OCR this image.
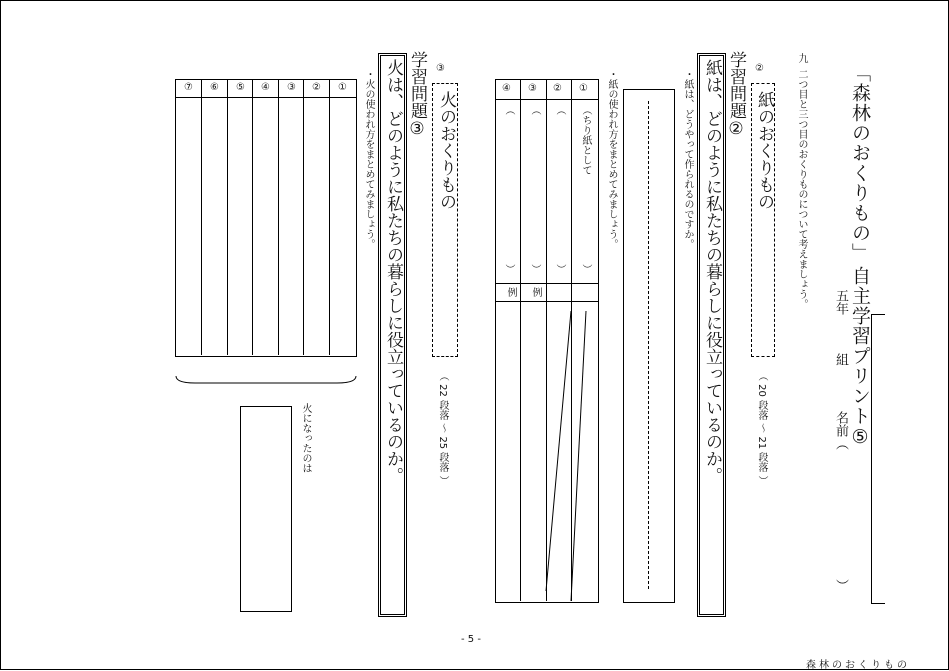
「森林のおくりもの」
自主学習プリント⑤
五年
組
名前（
）
九
二つ目と三つ目のおくりものについて考えましょう。
②
紙のおくりもの
（ 20 段落 ～ 21 段落 ）
学習問題②
紙は、どのように私たちの暮らしに役立っているのか。
・紙は、どうやって作られるのですか。
・紙の使われ方をまとめてみましょう。
①
②
③
④
（ちり紙として
（
（
（
）
）
）
）
例
例
③
火のおくりもの
（ 22 段落 ～ 25 段落 ）
学習問題③
火は、どのように私たちの暮らしに役立っているのか。
・火の使われ方をまとめてみましょう。
①
②
③
④
⑤
⑥
⑦
火になったのは
- 5 -
森林のおくりもの
